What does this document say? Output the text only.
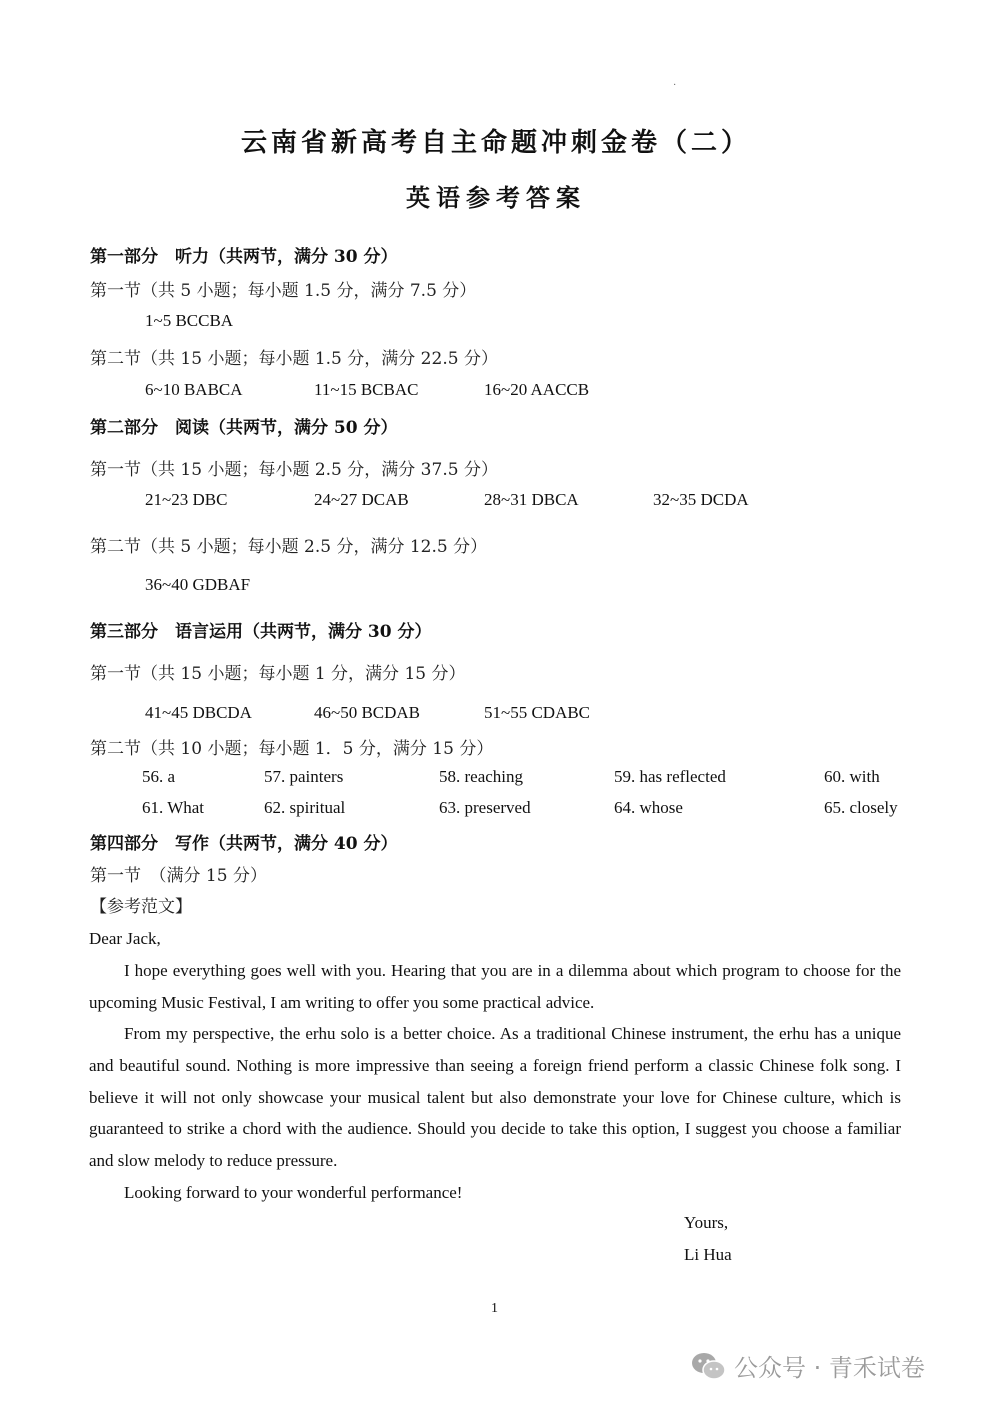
·
云南省新高考自主命题冲刺金卷（二）
英语参考答案
第一部分　听力（共两节，满分 30 分）
第一节（共 5 小题；每小题 1.5 分，满分 7.5 分）
1~5 BCCBA
第二节（共 15 小题；每小题 1.5 分，满分 22.5 分）
6~10 BABCA	11~15 BCBAC	16~20 AACCB
第二部分　阅读（共两节，满分 50 分）
第一节（共 15 小题；每小题 2.5 分，满分 37.5 分）
21~23 DBC	24~27 DCAB	28~31 DBCA	32~35 DCDA
第二节（共 5 小题；每小题 2.5 分，满分 12.5 分）
36~40 GDBAF
第三部分　语言运用（共两节，满分 30 分）
第一节（共 15 小题；每小题 1 分，满分 15 分）
41~45 DBCDA	46~50 BCDAB	51~55 CDABC
第二节（共 10 小题；每小题 1．5 分，满分 15 分）
56. a	57. painters	58. reaching	59. has reflected	60. with
61. What	62. spiritual	63. preserved	64. whose	65. closely
第四部分　写作（共两节，满分 40 分）
第一节　（满分 15 分）
【参考范文】
Dear Jack,
I hope everything goes well with you. Hearing that you are in a dilemma about which program to choose for the upcoming Music Festival, I am writing to offer you some practical advice.
From my perspective, the erhu solo is a better choice. As a traditional Chinese instrument, the erhu has a unique and beautiful sound. Nothing is more impressive than seeing a foreign friend perform a classic Chinese folk song. I believe it will not only showcase your musical talent but also demonstrate your love for Chinese culture, which is guaranteed to strike a chord with the audience. Should you decide to take this option, I suggest you choose a familiar and slow melody to reduce pressure.
Looking forward to your wonderful performance!
Yours,
Li Hua
1
公众号 · 青禾试卷
